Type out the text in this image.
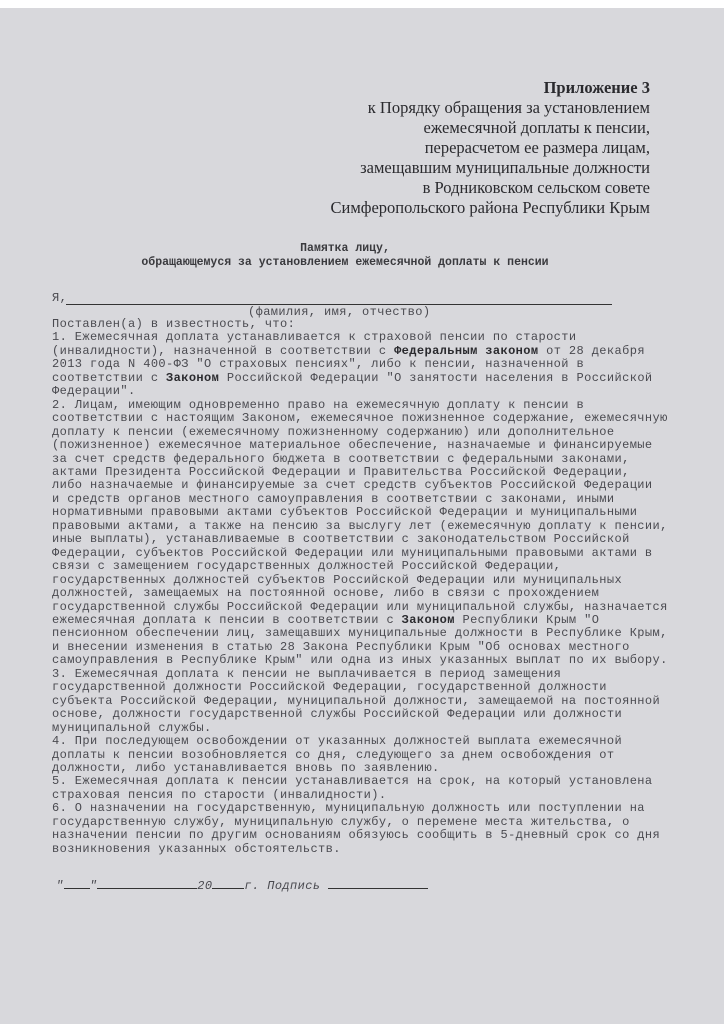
Приложение 3
к Порядку обращения за установлением
ежемесячной доплаты к пенсии,
перерасчетом ее размера лицам,
замещавшим муниципальные должности
в Родниковском сельском совете
Симферопольского района Республики Крым
Памятка лицу,
обращающемуся за установлением ежемесячной доплаты к пенсии
Я,
(фамилия, имя, отчество)
Поставлен(а) в известность, что:
1. Ежемесячная доплата устанавливается к страховой пенсии по старости
(инвалидности), назначенной в соответствии с Федеральным законом от 28 декабря
2013 года N 400-ФЗ "О страховых пенсиях", либо к пенсии, назначенной в
соответствии с Законом Российской Федерации "О занятости населения в Российской
Федерации".
2. Лицам, имеющим одновременно право на ежемесячную доплату к пенсии в
соответствии с настоящим Законом, ежемесячное пожизненное содержание, ежемесячную
доплату к пенсии (ежемесячному пожизненному содержанию) или дополнительное
(пожизненное) ежемесячное материальное обеспечение, назначаемые и финансируемые
за счет средств федерального бюджета в соответствии с федеральными законами,
актами Президента Российской Федерации и Правительства Российской Федерации,
либо назначаемые и финансируемые за счет средств субъектов Российской Федерации
и средств органов местного самоуправления в соответствии с законами, иными
нормативными правовыми актами субъектов Российской Федерации и муниципальными
правовыми актами, а также на пенсию за выслугу лет (ежемесячную доплату к пенсии,
иные выплаты), устанавливаемые в соответствии с законодательством Российской
Федерации, субъектов Российской Федерации или муниципальными правовыми актами в
связи с замещением государственных должностей Российской Федерации,
государственных должностей субъектов Российской Федерации или муниципальных
должностей, замещаемых на постоянной основе, либо в связи с прохождением
государственной службы Российской Федерации или муниципальной службы, назначается
ежемесячная доплата к пенсии в соответствии с Законом Республики Крым "О
пенсионном обеспечении лиц, замещавших муниципальные должности в Республике Крым,
и внесении изменения в статью 28 Закона Республики Крым "Об основах местного
самоуправления в Республике Крым" или одна из иных указанных выплат по их выбору.
3. Ежемесячная доплата к пенсии не выплачивается в период замещения
государственной должности Российской Федерации, государственной должности
субъекта Российской Федерации, муниципальной должности, замещаемой на постоянной
основе, должности государственной службы Российской Федерации или должности
муниципальной службы.
4. При последующем освобождении от указанных должностей выплата ежемесячной
доплаты к пенсии возобновляется со дня, следующего за днем освобождения от
должности, либо устанавливается вновь по заявлению.
5. Ежемесячная доплата к пенсии устанавливается на срок, на который установлена
страховая пенсия по старости (инвалидности).
6. О назначении на государственную, муниципальную должность или поступлении на
государственную службу, муниципальную службу, о перемене места жительства, о
назначении пенсии по другим основаниям обязуюсь сообщить в 5-дневный срок со дня
возникновения указанных обстоятельств.
" "	20	г. Подпись
